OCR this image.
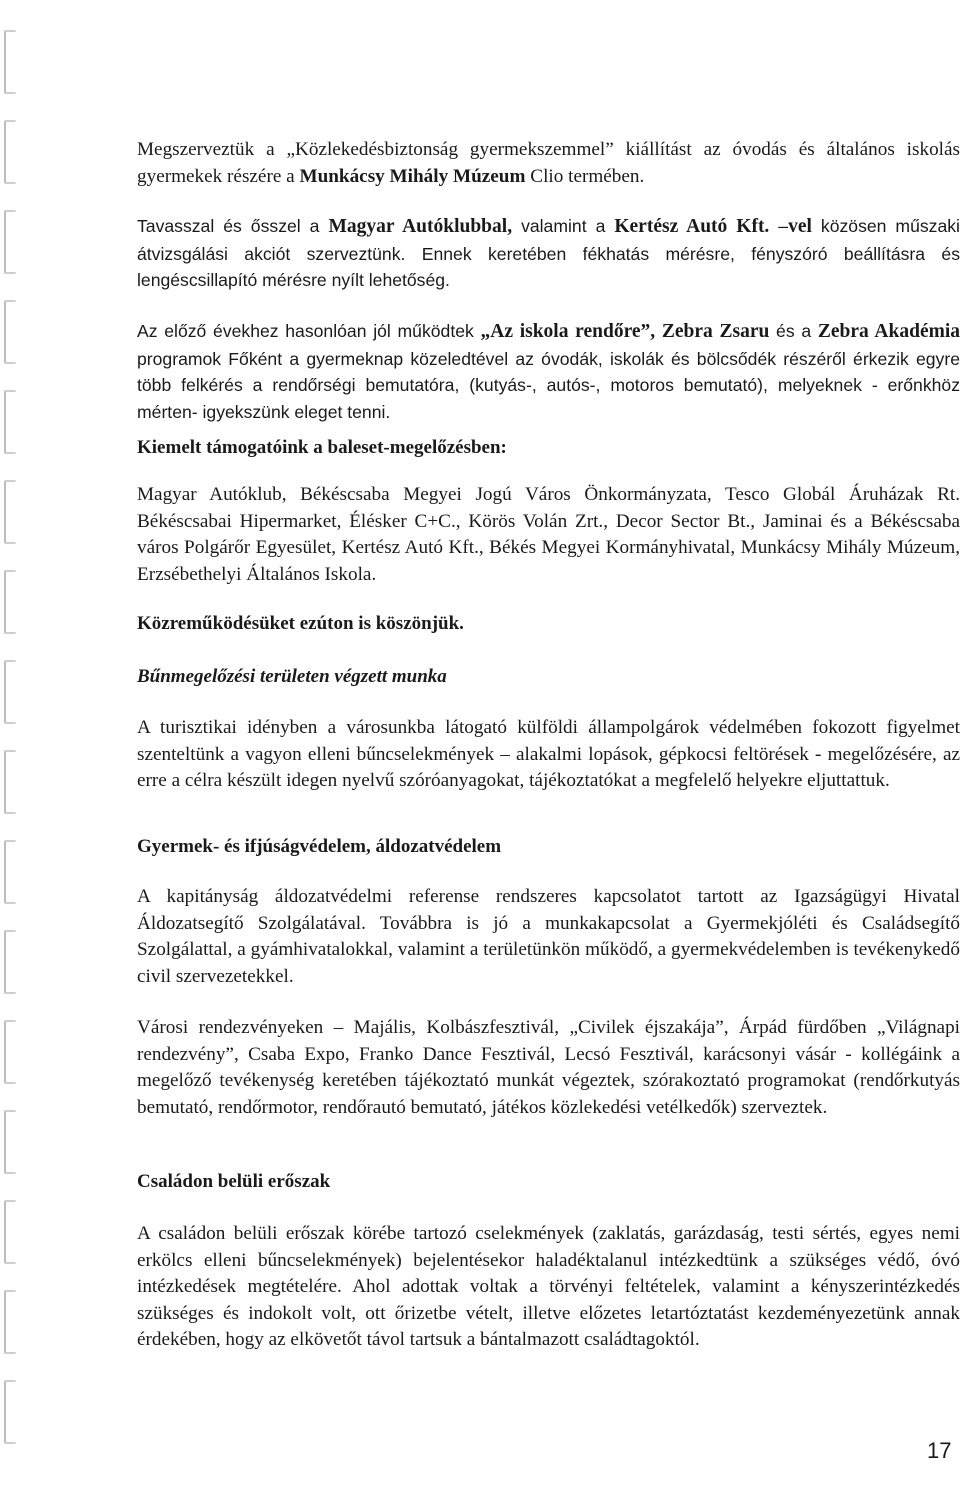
Megszerveztük a „Közlekedésbiztonság gyermekszemmel” kiállítást az óvodás és általános iskolás gyermekek részére a Munkácsy Mihály Múzeum Clio termében.

Tavasszal és ősszel a Magyar Autóklubbal, valamint a Kertész Autó Kft. –vel közösen műszaki átvizsgálási akciót szerveztünk. Ennek keretében fékhatás mérésre, fényszóró beállításra és lengéscsillapító mérésre nyílt lehetőség.

Az előző évekhez hasonlóan jól működtek „Az iskola rendőre”, Zebra Zsaru és a Zebra Akadémia programok Főként a gyermeknap közeledtével az óvodák, iskolák és bölcsődék részéről érkezik egyre több felkérés a rendőrségi bemutatóra, (kutyás-, autós-, motoros bemutató), melyeknek - erőnkhöz mérten- igyekszünk eleget tenni.

Kiemelt támogatóink a baleset-megelőzésben:

Magyar Autóklub, Békéscsaba Megyei Jogú Város Önkormányzata, Tesco Globál Áruházak Rt. Békéscsabai Hipermarket, Élésker C+C., Körös Volán Zrt., Decor Sector Bt., Jaminai és a Békéscsaba város Polgárőr Egyesület, Kertész Autó Kft., Békés Megyei Kormányhivatal, Munkácsy Mihály Múzeum, Erzsébethelyi Általános Iskola.

Közreműködésüket ezúton is köszönjük.

Bűnmegelőzési területen végzett munka

A turisztikai idényben a városunkba látogató külföldi állampolgárok védelmében fokozott figyelmet szenteltünk a vagyon elleni bűncselekmények – alakalmi lopások, gépkocsi feltörések - megelőzésére, az erre a célra készült idegen nyelvű szóróanyagokat, tájékoztatókat a megfelelő helyekre eljuttattuk.

Gyermek- és ifjúságvédelem, áldozatvédelem

A kapitányság áldozatvédelmi referense rendszeres kapcsolatot tartott az Igazságügyi Hivatal Áldozatsegítő Szolgálatával. Továbbra is jó a munkakapcsolat a Gyermekjóléti és Családsegítő Szolgálattal, a gyámhivatalokkal, valamint a területünkön működő, a gyermekvédelemben is tevékenykedő civil szervezetekkel.

Városi rendezvényeken – Majális, Kolbászfesztivál, „Civilek éjszakája”, Árpád fürdőben „Világnapi rendezvény”, Csaba Expo, Franko Dance Fesztivál, Lecsó Fesztivál, karácsonyi vásár - kollégáink a megelőző tevékenység keretében tájékoztató munkát végeztek, szórakoztató programokat (rendőrkutyás bemutató, rendőrmotor, rendőrautó bemutató, játékos közlekedési vetélkedők) szerveztek.

Családon belüli erőszak

A családon belüli erőszak körébe tartozó cselekmények (zaklatás, garázdaság, testi sértés, egyes nemi erkölcs elleni bűncselekmények) bejelentésekor haladéktalanul intézkedtünk a szükséges védő, óvó intézkedések megtételére. Ahol adottak voltak a törvényi feltételek, valamint a kényszerintézkedés szükséges és indokolt volt, ott őrizetbe vételt, illetve előzetes letartóztatást kezdeményezetünk annak érdekében, hogy az elkövetőt távol tartsuk a bántalmazott családtagoktól.

17
